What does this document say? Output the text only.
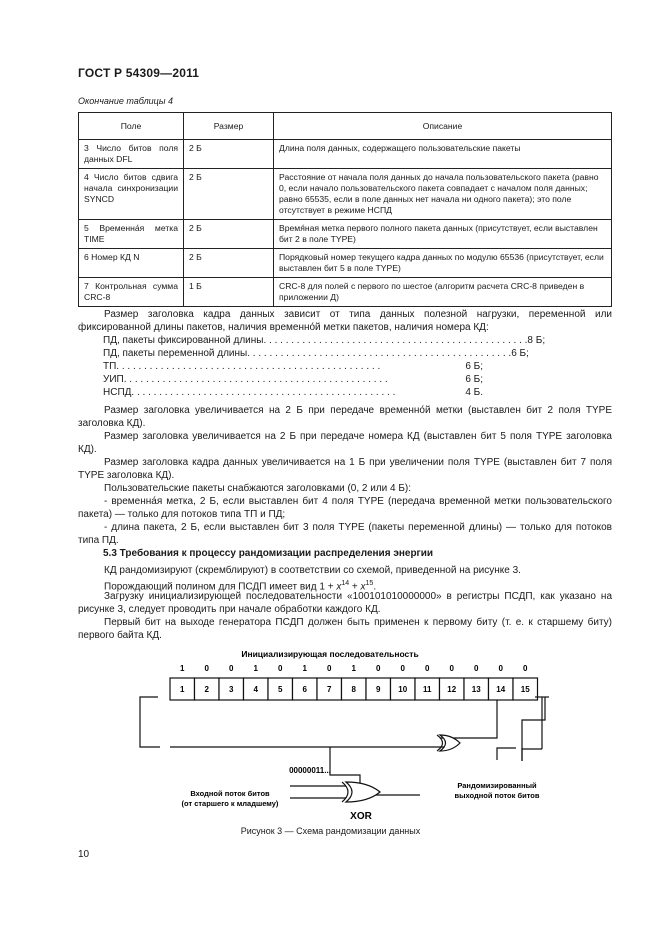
ГОСТ Р 54309—2011
Окончание таблицы 4
Поле	Размер	Описание
3 Число битов поля данных DFL	2 Б	Длина поля данных, содержащего пользовательские пакеты
4 Число битов сдвига начала синхронизации SYNCD	2 Б	Расстояние от начала поля данных до начала пользовательского пакета (равно 0, если начало пользовательского пакета совпадает с началом поля данных; равно 65535, если в поле данных нет начала ни одного пакета); это поле отсутствует в режиме НСПД
5 Временна́я метка TIME	2 Б	Время́ная метка первого полного пакета данных (присутствует, если выставлен бит 2 в поле TYPE)
6 Номер КД N	2 Б	Порядковый номер текущего кадра данных по модулю 65536 (присутствует, если выставлен бит 5 в поле TYPE)
7 Контрольная сумма CRC-8	1 Б	CRC-8 для полей с первого по шестое (алгоритм расчета CRC-8 приведен в приложении Д)
Размер заголовка кадра данных зависит от типа данных полезной нагрузки, переменной или фиксированной длины пакетов, наличия временно́й метки пакетов, наличия номера КД:
ПД, пакеты фиксированной длины . . . . . . . . . . . . . . . . . . . . . . . . . . . . . . . . . . . . . . . . . . . . . . . . 8 Б;
ПД, пакеты переменной длины . . . . . . . . . . . . . . . . . . . . . . . . . . . . . . . . . . . . . . . . . . . . . . . . 6 Б;
ТП . . . . . . . . . . . . . . . . . . . . . . . . . . . . . . . . . . . . . . . . . . . . . . . .	6 Б;
УИП . . . . . . . . . . . . . . . . . . . . . . . . . . . . . . . . . . . . . . . . . . . . . . . .	6 Б;
НСПД . . . . . . . . . . . . . . . . . . . . . . . . . . . . . . . . . . . . . . . . . . . . . . . .	4 Б.
Размер заголовка увеличивается на 2 Б при передаче временно́й метки (выставлен бит 2 поля TYPE заголовка КД).
Размер заголовка увеличивается на 2 Б при передаче номера КД (выставлен бит 5 поля TYPE заголовка КД).
Размер заголовка кадра данных увеличивается на 1 Б при увеличении поля TYPE (выставлен бит 7 поля TYPE заголовка КД).
Пользовательские пакеты снабжаются заголовками (0, 2 или 4 Б):
- временна́я метка, 2 Б, если выставлен бит 4 поля TYPE (передача временной метки пользовательского пакета) — только для потоков типа ТП и ПД;
- длина пакета, 2 Б, если выставлен бит 3 поля TYPE (пакеты переменной длины) — только для потоков типа ПД.
5.3 Требования к процессу рандомизации распределения энергии
КД рандомизируют (скремблируют) в соответствии со схемой, приведенной на рисунке 3.
Порождающий полином для ПСДП имеет вид $1 + x^{14} + x^{15}$.
Загрузку инициализирующей последовательности «100101010000000» в регистры ПСДП, как указано на рисунке 3, следует проводить при начале обработки каждого КД.
Первый бит на выходе генератора ПСДП должен быть применен к первому биту (т. е. к старшему биту) первого байта КД.
Инициализирующая последовательность
1	0	0	1	0	1	0	1	0	0	0	0	0	0	0
1	2	3	4	5	6	7	8	9 10 11 12 13 14 15
00000011...
XOR
Входной поток битов
(от старшего к младшему)
Рандомизированный
выходной поток битов
Рисунок 3 — Схема рандомизации данных
10
